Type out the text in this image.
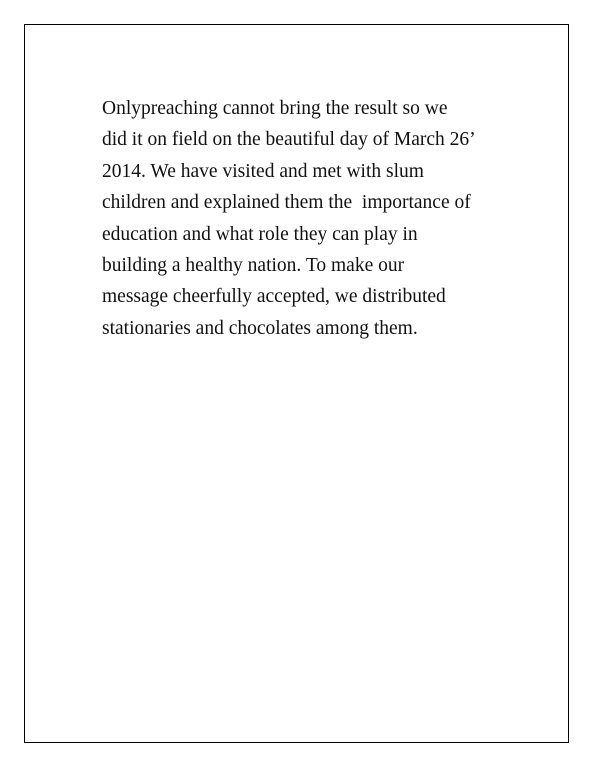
Onlypreaching cannot bring the result so we
did it on field on the beautiful day of March 26’
2014. We have visited and met with slum
children and explained them the  importance of
education and what role they can play in
building a healthy nation. To make our
message cheerfully accepted, we distributed
stationaries and chocolates among them.
